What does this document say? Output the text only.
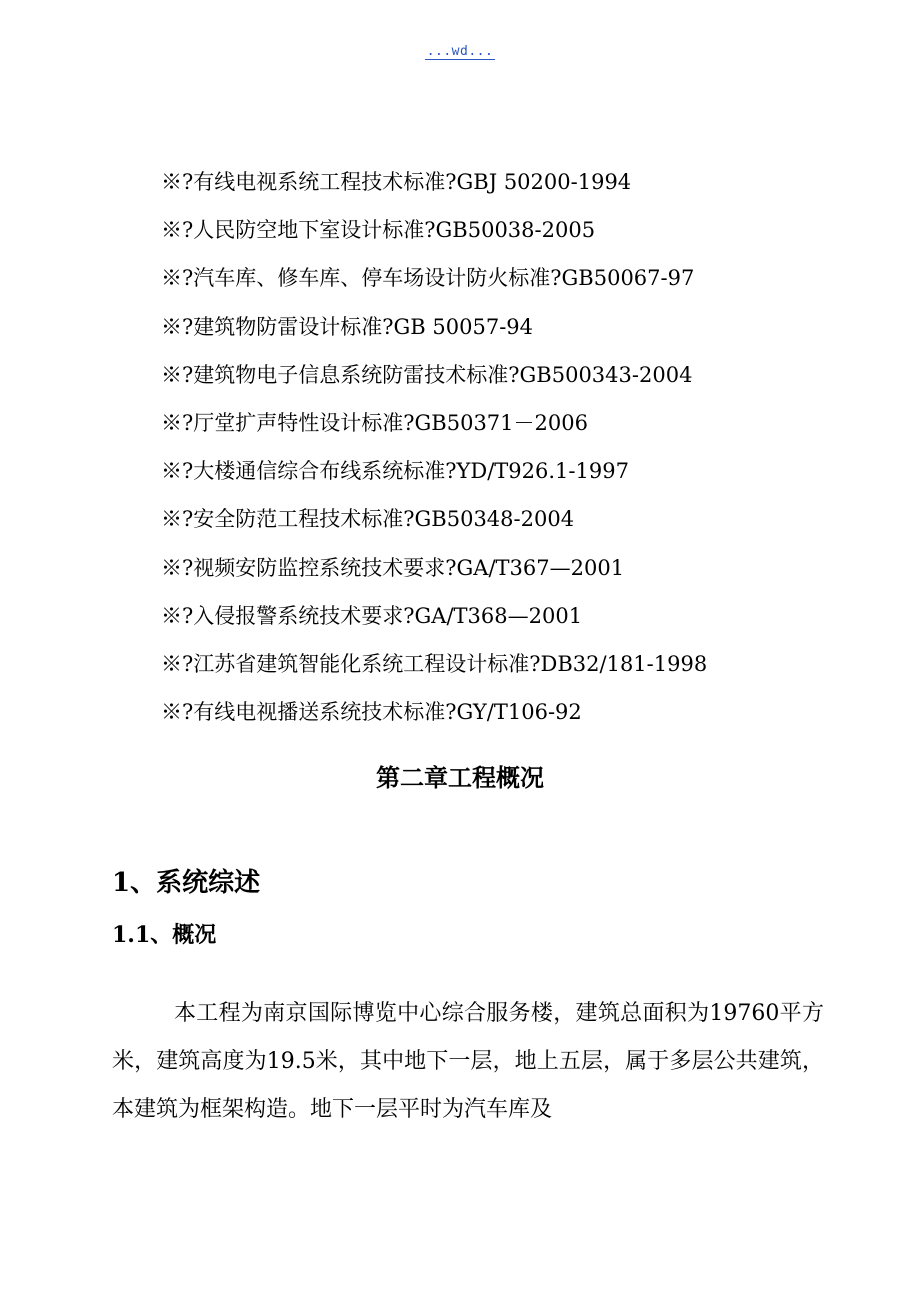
...wd...
※?有线电视系统工程技术标准?GBJ 50200-1994
※?人民防空地下室设计标准?GB50038-2005
※?汽车库、修车库、停车场设计防火标准?GB50067-97
※?建筑物防雷设计标准?GB 50057-94
※?建筑物电子信息系统防雷技术标准?GB500343-2004
※?厅堂扩声特性设计标准?GB50371－2006
※?大楼通信综合布线系统标准?YD/T926.1-1997
※?安全防范工程技术标准?GB50348-2004
※?视频安防监控系统技术要求?GA/T367—2001
※?入侵报警系统技术要求?GA/T368—2001
※?江苏省建筑智能化系统工程设计标准?DB32/181-1998
※?有线电视播送系统技术标准?GY/T106-92
第二章工程概况
1、系统综述
1.1、概况

本工程为南京国际博览中心综合服务楼，建筑总面积为19760平方米，建筑高度为19.5米，其中地下一层，地上五层，属于多层公共建筑，本建筑为框架构造。地下一层平时为汽车库及
